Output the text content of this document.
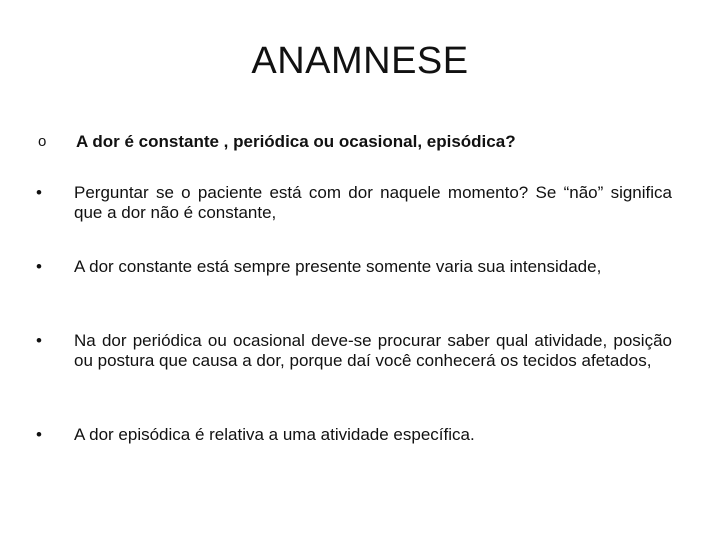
ANAMNESE
o	A dor é constante , periódica ou ocasional, episódica?
•	Perguntar se o paciente está com dor naquele momento? Se “não” significa que a dor não é constante,
•	A dor constante está sempre presente somente varia sua intensidade,
•	Na dor periódica ou ocasional deve-se procurar saber qual atividade, posição ou postura que causa a dor, porque daí você conhecerá os tecidos afetados,
•	A dor episódica é relativa a uma atividade específica.
